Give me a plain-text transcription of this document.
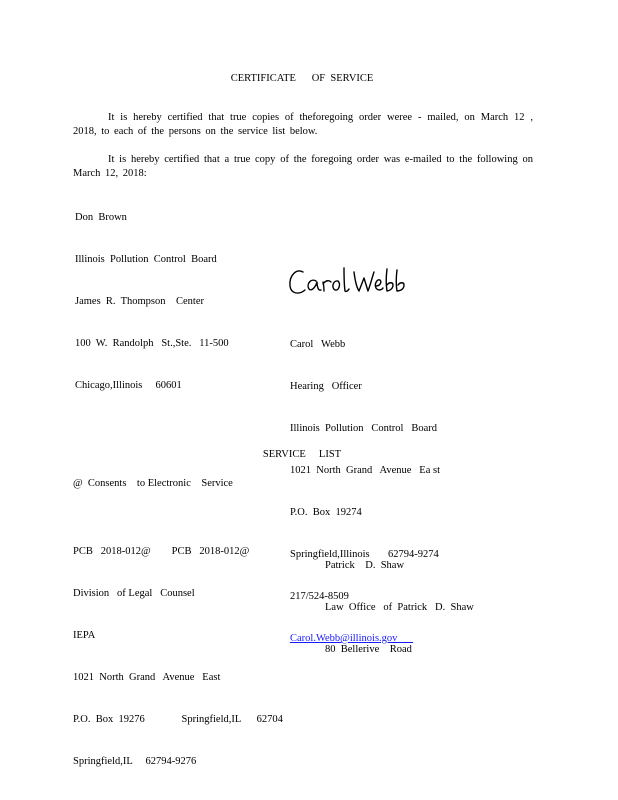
CERTIFICATE      OF  SERVICE

It is hereby certified that true copies of theforegoing order weree - mailed, on March 12 , 2018, to each of the persons on the service list below.

It is hereby certified that a true copy of the foregoing order was e-mailed to the following on March 12, 2018:

Don  Brown

Illinois  Pollution  Control  Board

James  R.  Thompson    Center

100  W.  Randolph   St.,Ste.   11-500

Chicago,Illinois     60601

Carol   Webb

Hearing   Officer

Illinois  Pollution   Control   Board

1021  North  Grand   Avenue   Ea st

P.O.  Box  19274

Springfield,Illinois       62794-9274

217/524-8509

Carol.Webb@illinois.gov

SERVICE     LIST
@  Consents    to Electronic    Service

PCB   2018-012@        PCB   2018-012@

Division   of Legal   Counsel

IEPA

1021  North  Grand   Avenue   East

P.O.  Box  19276              Springfield,IL      62704

Springfield,IL     62794-9276

Patrick    D.  Shaw

Law  Office   of  Patrick   D.  Shaw

80  Bellerive    Road
